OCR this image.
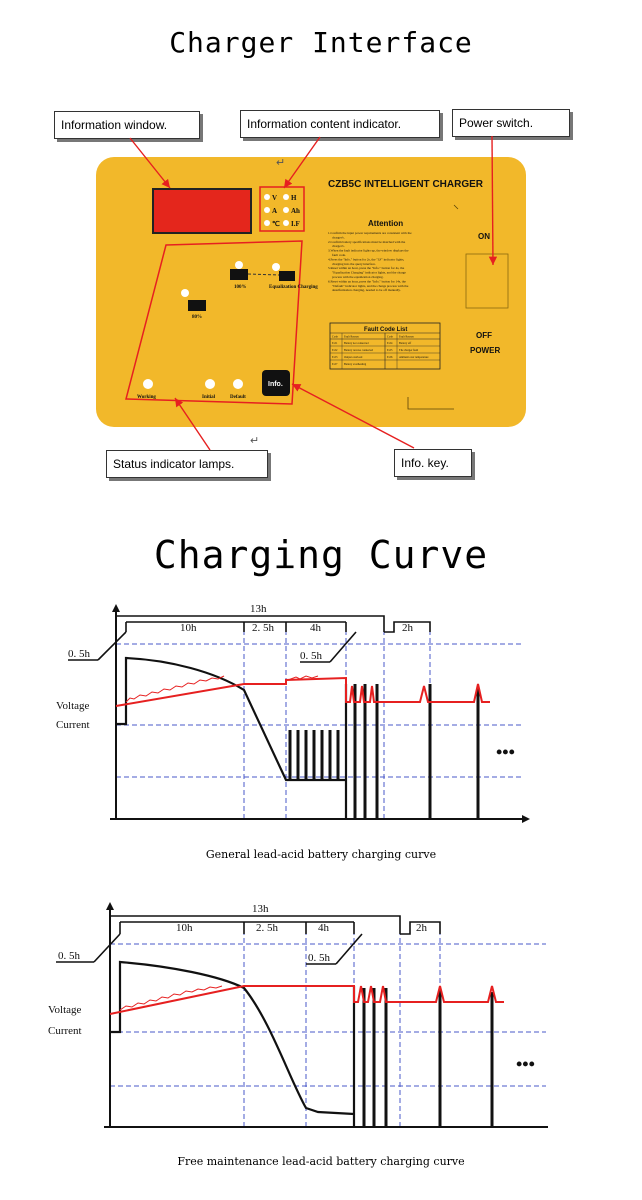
Charger Interface
V H
A Ah
℃ I.F
CZB5C INTELLIGENT CHARGER
100%	Equalization Charging
80%
Working	Initial	Default
Attention
1.Confirm the input power requirements are consistent with the
charger's.
2.Confirm battery specifications must be matched with the
charger's.
3.When the fault indicator lights up, the window displays the
fault code.
4.Press the "Info." button for 2s, the "I.F" indicator lights,
charging into the query interface.
5.Reset within an hour, press the "Info." button for 4s, the
"Equalization Charging" indicator lights, and the charge
process with the equalization charging.
6.Reset within an hour, press the "Info." button for 14s, the
"Default" indicator lights, and the charge process with the
desulfurization charging, needed to be off manually.
Fault Code List
Code Fault Reason	Code Fault Reason
E-01 Battery not connected	E-04 Battery off
E-02 Battery reverse connected	E-05 The charger fault
E-03 Output overload	E-06 Ambient over temperature
E-07 Battery overheating
Info.
ON
OFF
POWER
Information window.	Information content indicator.	Power switch.
Status indicator lamps.	Info. key.
↵
↵
Charging Curve
13h
10h	2. 5h	4h	2h
0. 5h	0. 5h
Voltage
Current
•••
General lead-acid battery charging curve
13h
10h	2. 5h	4h	2h
0. 5h	0. 5h
Voltage
Current
•••
Free maintenance lead-acid battery charging curve
